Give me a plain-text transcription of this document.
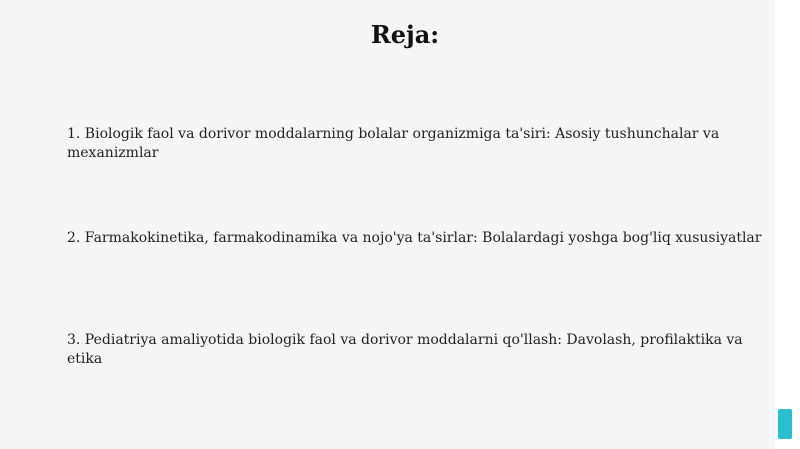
Reja:

1. Biologik faol va dorivor moddalarning bolalar organizmiga ta'siri: Asosiy tushunchalar va mexanizmlar

2. Farmakokinetika, farmakodinamika va nojo'ya ta'sirlar: Bolalardagi yoshga bog'liq xususiyatlar

3. Pediatriya amaliyotida biologik faol va dorivor moddalarni qo'llash: Davolash, profilaktika va etika
